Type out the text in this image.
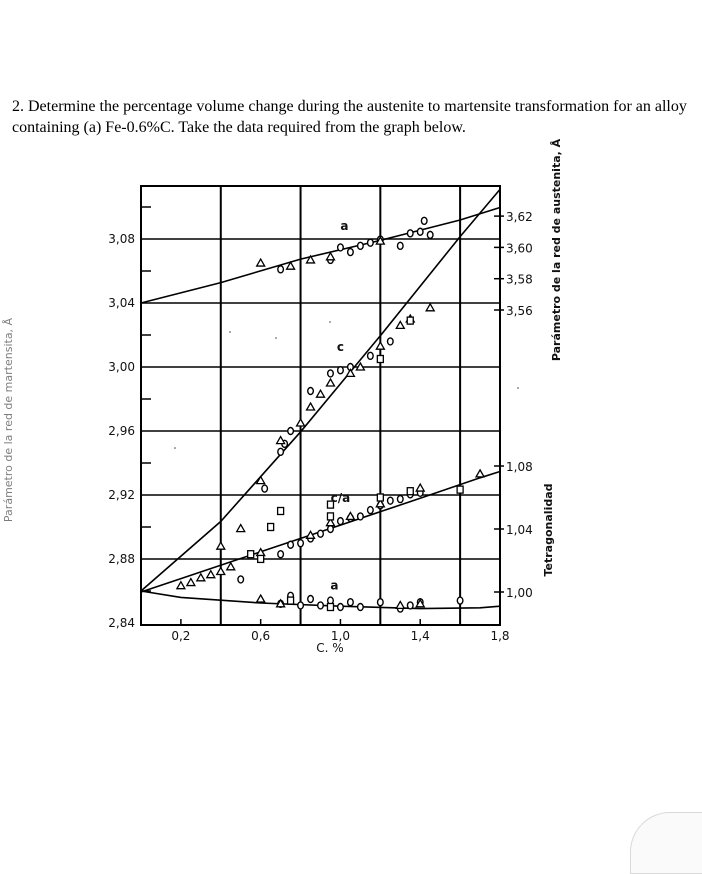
2. Determine the percentage volume change during the austenite to martensite transformation for an alloy containing (a) Fe-0.6%C. Take the data required from the graph below.

2,84
2,88
2,92
2,96
3,00
3,04
3,08
0,2	0,6	1,0	1,4	1,8
3,56
3,58
3,60
3,62
1,00
1,04
1,08
C. %
Parámetro de la red de martensita, Å
Parámetro de la red de austenita, Å
Tetragonalidad
a
c
c/a
a
